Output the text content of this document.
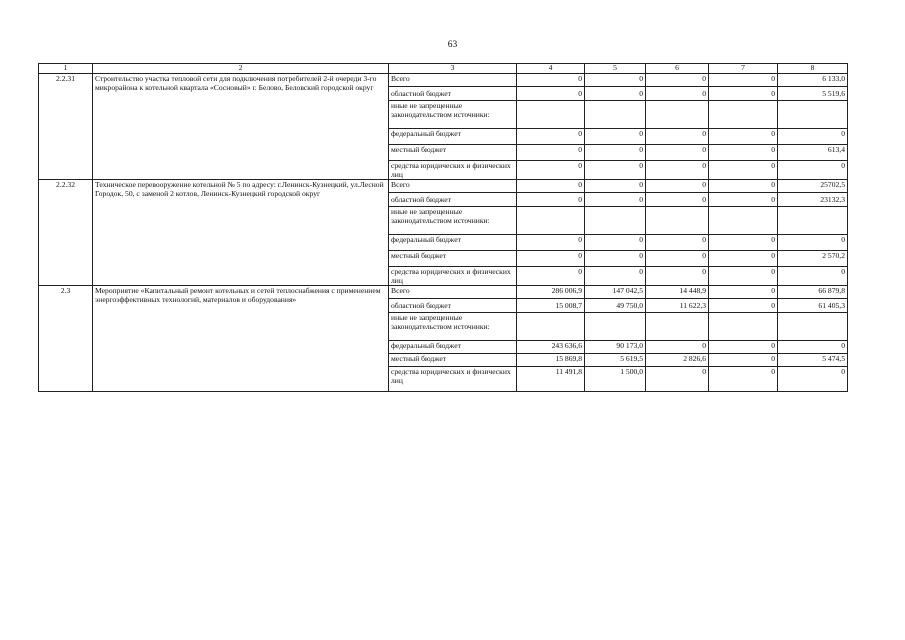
63
1	2	3	4	5	6	7	8
2.2.31	Строительство участка тепловой сети для подключения потребителей 2-й очереди 3-го микрорайона к котельной квартала «Сосновый» г. Белово, Беловский городской округ	Всего	0	0	0	0	6 133,0
		областной бюджет	0	0	0	0	5 519,6
		иные не запрещенные законодательством источники:					
		федеральный бюджет	0	0	0	0	0
		местный бюджет	0	0	0	0	613,4
		средства юридических и физических лиц	0	0	0	0	0
2.2.32	Техническое перевооружение котельной № 5 по адресу: г.Ленинск-Кузнецкий, ул.Лесной Городок, 50, с заменой 2 котлов, Ленинск-Кузнецкий городской округ	Всего	0	0	0	0	25702,5
		областной бюджет	0	0	0	0	23132,3
		иные не запрещенные законодательством источники:					
		федеральный бюджет	0	0	0	0	0
		местный бюджет	0	0	0	0	2 570,2
		средства юридических и физических лиц	0	0	0	0	0
2.3	Мероприятие «Капитальный ремонт котельных и сетей теплоснабжения с применением энергоэффективных технологий, материалов и оборудования»	Всего	286 006,9	147 042,5	14 448,9	0	66 879,8
		областной бюджет	15 008,7	49 750,0	11 622,3	0	61 405,3
		иные не запрещенные законодательством источники:					
		федеральный бюджет	243 636,6	90 173,0	0	0	0
		местный бюджет	15 869,8	5 619,5	2 826,6	0	5 474,5
		средства юридических и физических лиц	11 491,8	1 500,0	0	0	0
